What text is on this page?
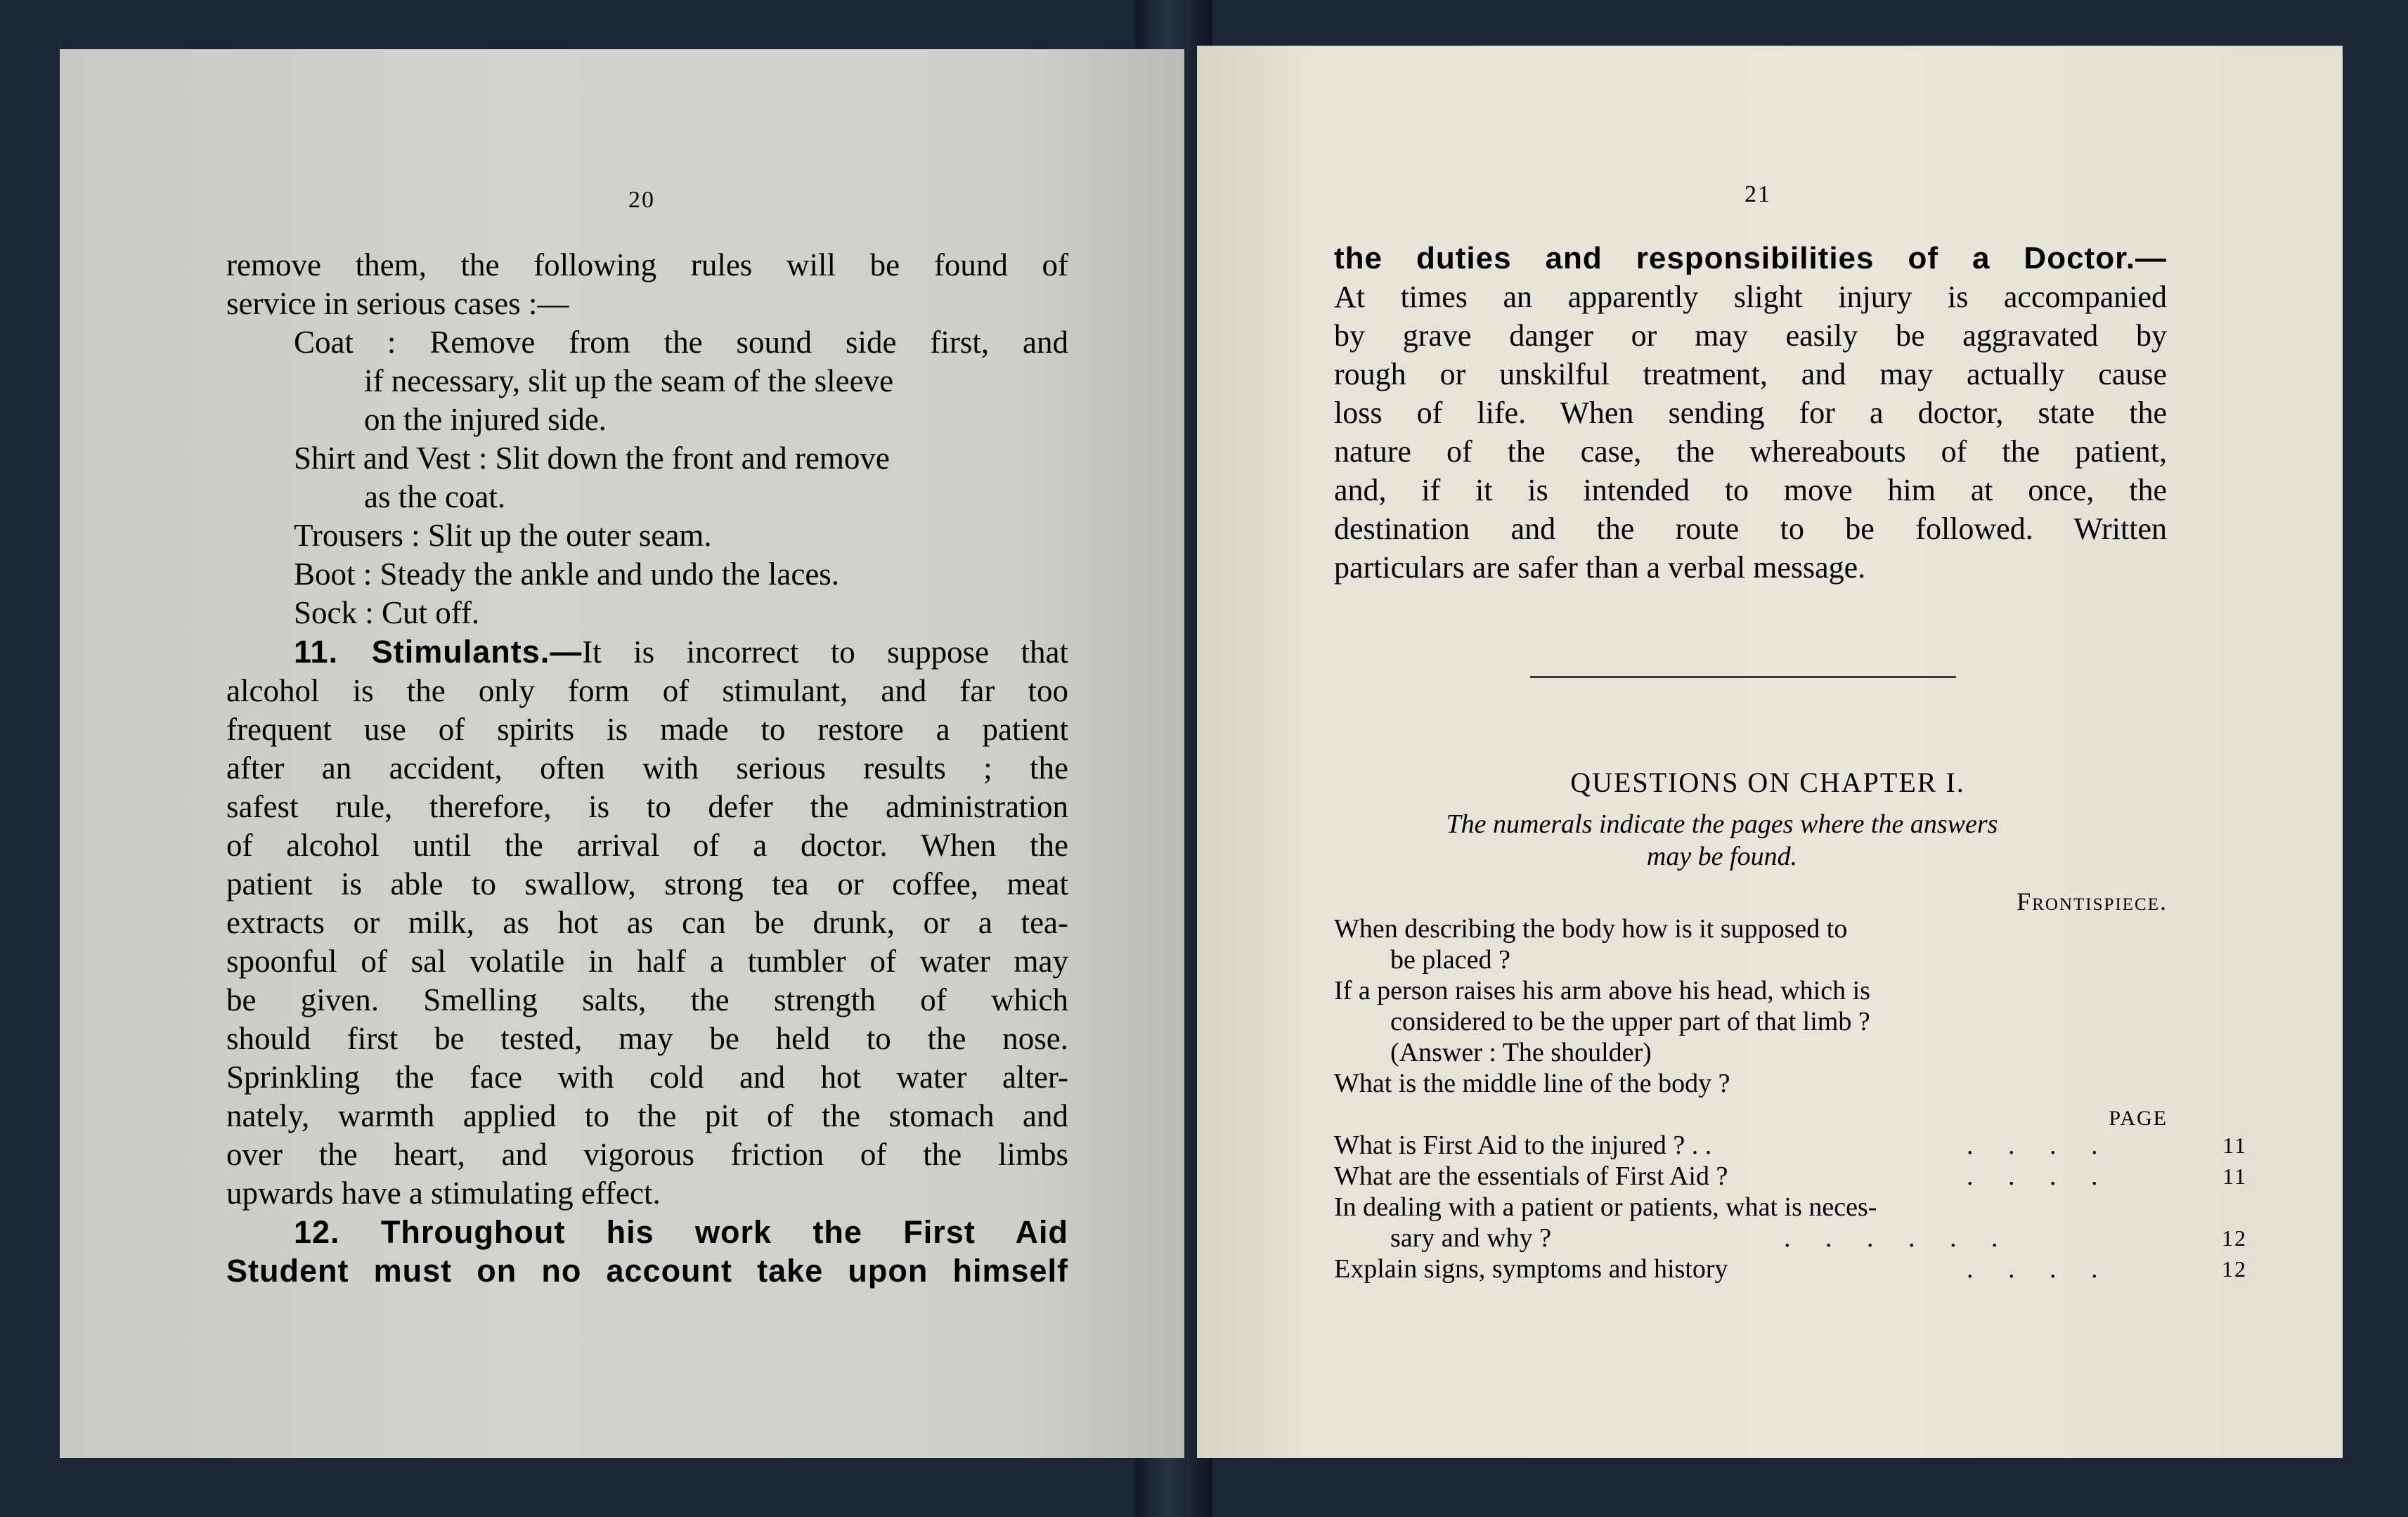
20
remove them, the following rules will be found of
service in serious cases :—
Coat : Remove from the sound side first, and
if necessary, slit up the seam of the sleeve
on the injured side.
Shirt and Vest : Slit down the front and remove
as the coat.
Trousers : Slit up the outer seam.
Boot : Steady the ankle and undo the laces.
Sock : Cut off.
11. Stimulants.—It is incorrect to suppose that
alcohol is the only form of stimulant, and far too
frequent use of spirits is made to restore a patient
after an accident, often with serious results ; the
safest rule, therefore, is to defer the administration
of alcohol until the arrival of a doctor. When the
patient is able to swallow, strong tea or coffee, meat
extracts or milk, as hot as can be drunk, or a tea-
spoonful of sal volatile in half a tumbler of water may
be given. Smelling salts, the strength of which
should first be tested, may be held to the nose.
Sprinkling the face with cold and hot water alter-
nately, warmth applied to the pit of the stomach and
over the heart, and vigorous friction of the limbs
upwards have a stimulating effect.
12. Throughout his work the First Aid
Student must on no account take upon himself
21
the duties and responsibilities of a Doctor.—
At times an apparently slight injury is accompanied
by grave danger or may easily be aggravated by
rough or unskilful treatment, and may actually cause
loss of life. When sending for a doctor, state the
nature of the case, the whereabouts of the patient,
and, if it is intended to move him at once, the
destination and the route to be followed. Written
particulars are safer than a verbal message.
QUESTIONS ON CHAPTER I.
The numerals indicate the pages where the answers
may be found.
Frontispiece.
When describing the body how is it supposed to
be placed ?
If a person raises his arm above his head, which is
considered to be the upper part of that limb ?
(Answer : The shoulder)
What is the middle line of the body ?
PAGE
What is First Aid to the injured ? . .	. . . .	11
What are the essentials of First Aid ?	. . . .	11
In dealing with a patient or patients, what is neces-
sary and why ?	. . . . . .	12
Explain signs, symptoms and history	. . . .	12
